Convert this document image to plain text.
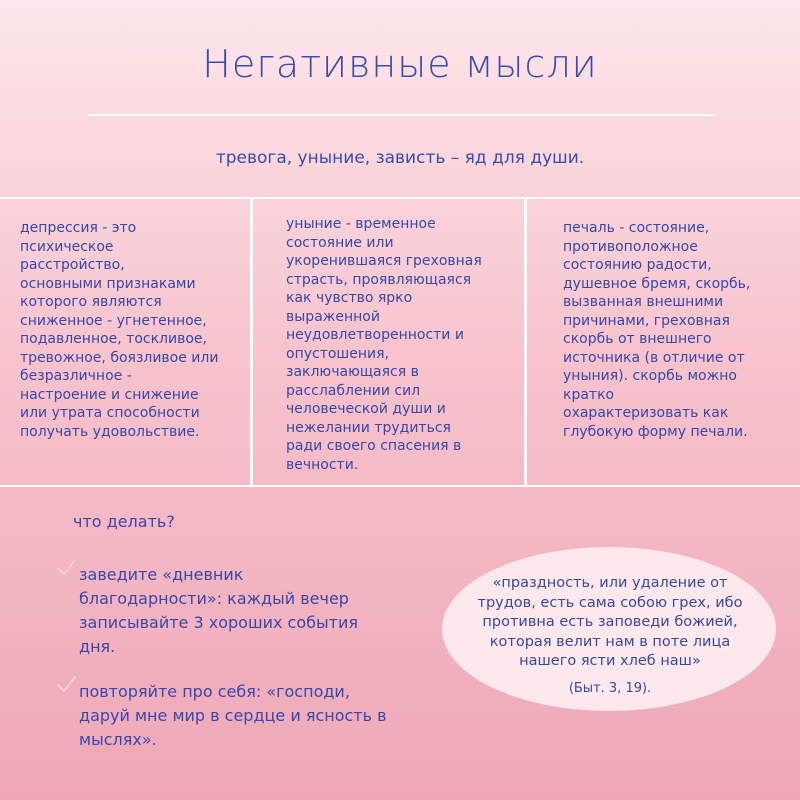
Негативные мысли
тревога, уныние, зависть – яд для души.
депрессия - это
психическое
расстройство,
основными признаками
которого являются
сниженное - угнетенное,
подавленное, тоскливое,
тревожное, боязливое или
безразличное -
настроение и снижение
или утрата способности
получать удовольствие.
уныние - временное
состояние или
укоренившаяся греховная
страсть, проявляющаяся
как чувство ярко
выраженной
неудовлетворенности и
опустошения,
заключающаяся в
расслаблении сил
человеческой души и
нежелании трудиться
ради своего спасения в
вечности.
печаль - состояние,
противоположное
состоянию радости,
душевное бремя, скорбь,
вызванная внешними
причинами, греховная
скорбь от внешнего
источника (в отличие от
уныния). скорбь можно
кратко
охарактеризовать как
глубокую форму печали.
что делать?
заведите «дневник
благодарности»: каждый вечер
записывайте 3 хороших события
дня.
повторяйте про себя: «господи,
даруй мне мир в сердце и ясность в
мыслях».
«праздность, или удаление от
трудов, есть сама собою грех, ибо
противна есть заповеди божией,
которая велит нам в поте лица
нашего ясти хлеб наш»
(Быт. 3, 19).
